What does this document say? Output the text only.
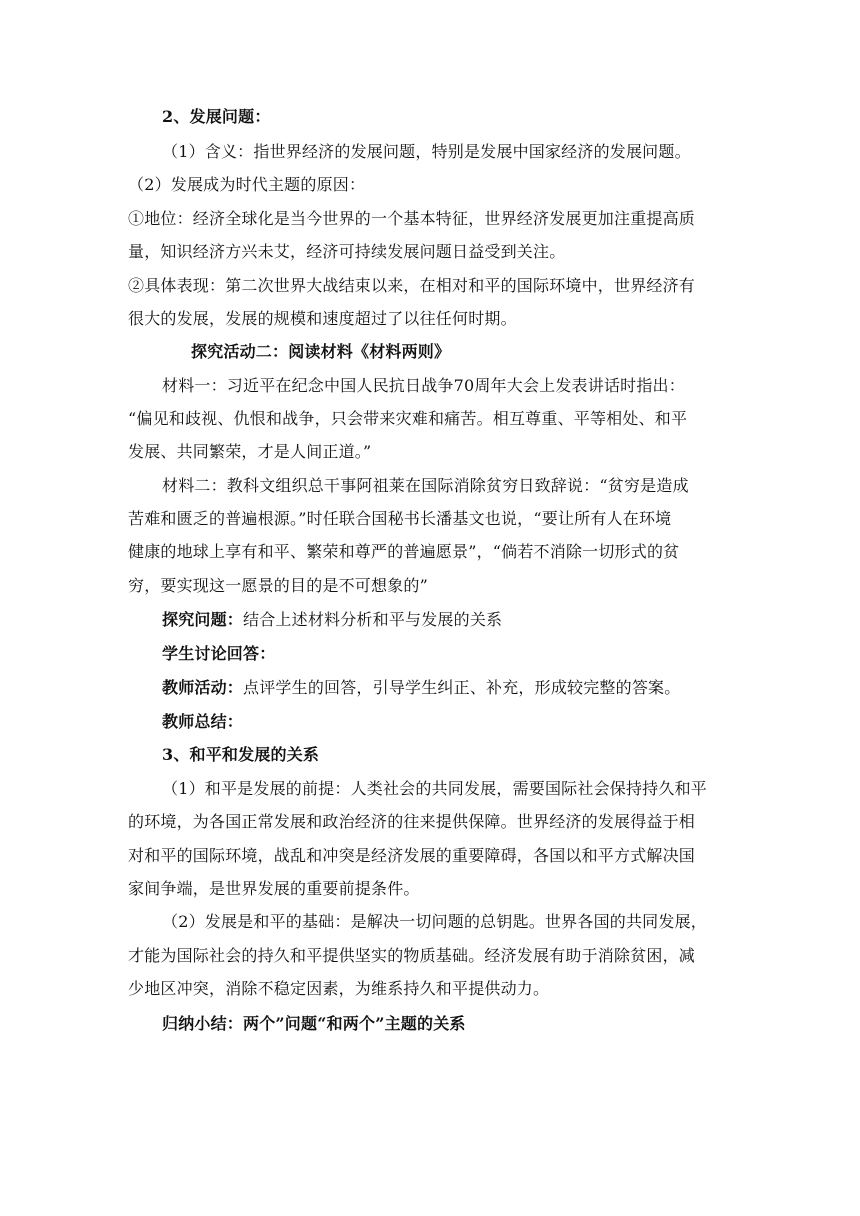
2、发展问题：
（1）含义：指世界经济的发展问题，特别是发展中国家经济的发展问题。
（2）发展成为时代主题的原因：
①地位：经济全球化是当今世界的一个基本特征，世界经济发展更加注重提高质
量，知识经济方兴未艾，经济可持续发展问题日益受到关注。
②具体表现：第二次世界大战结束以来，在相对和平的国际环境中，世界经济有
很大的发展，发展的规模和速度超过了以往任何时期。
探究活动二：阅读材料《材料两则》
材料一：习近平在纪念中国人民抗日战争70周年大会上发表讲话时指出：
“偏见和歧视、仇恨和战争，只会带来灾难和痛苦。相互尊重、平等相处、和平
发展、共同繁荣，才是人间正道。”
材料二：教科文组织总干事阿祖莱在国际消除贫穷日致辞说：“贫穷是造成
苦难和匮乏的普遍根源。”时任联合国秘书长潘基文也说，“要让所有人在环境
健康的地球上享有和平、繁荣和尊严的普遍愿景”，“倘若不消除一切形式的贫
穷，要实现这一愿景的目的是不可想象的”
探究问题：结合上述材料分析和平与发展的关系
学生讨论回答：
教师活动：点评学生的回答，引导学生纠正、补充，形成较完整的答案。
教师总结：
3、和平和发展的关系
（1）和平是发展的前提：人类社会的共同发展，需要国际社会保持持久和平
的环境，为各国正常发展和政治经济的往来提供保障。世界经济的发展得益于相
对和平的国际环境，战乱和冲突是经济发展的重要障碍，各国以和平方式解决国
家间争端，是世界发展的重要前提条件。
（2）发展是和平的基础：是解决一切问题的总钥匙。世界各国的共同发展，
才能为国际社会的持久和平提供坚实的物质基础。经济发展有助于消除贫困，减
少地区冲突，消除不稳定因素，为维系持久和平提供动力。
归纳小结：两个”问题“和两个”主题的关系
